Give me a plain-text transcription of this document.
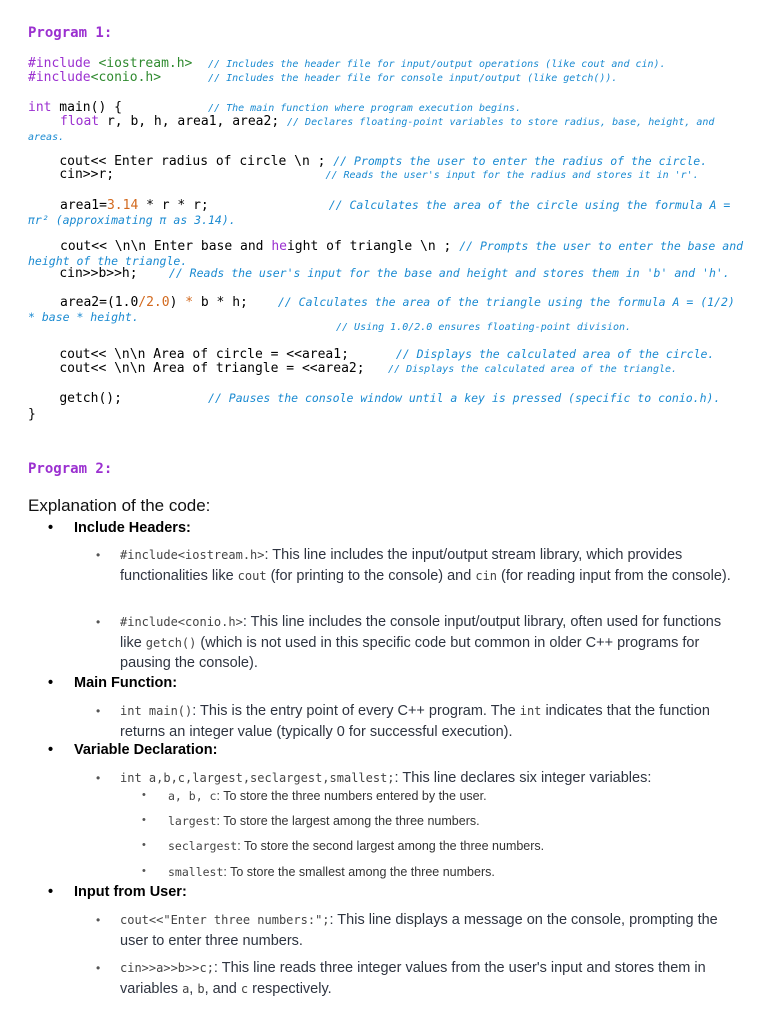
Program 1:
#include <iostream.h> // Includes the header file for input/output operations (like cout and cin).
#include<conio.h>	// Includes the header file for console input/output (like getch()).
int main() {	// The main function where program execution begins.
float r, b, h, area1, area2; // Declares floating-point variables to store radius, base, height, and areas.
cout<< Enter radius of circle \n ; // Prompts the user to enter the radius of the circle.
cin>>r;	// Reads the user's input for the radius and stores it in 'r'.
area1=3.14 * r * r;	// Calculates the area of the circle using the formula A = πr² (approximating π as 3.14).
cout<< \n\n Enter base and height of triangle \n ; // Prompts the user to enter the base and height of the triangle.
cin>>b>>h;	// Reads the user's input for the base and height and stores them in 'b' and 'h'.
area2=(1.0/2.0) * b * h;	// Calculates the area of the triangle using the formula A = (1/2) * base * height.
// Using 1.0/2.0 ensures floating-point division.
cout<< \n\n Area of circle = <<area1;	// Displays the calculated area of the circle.
cout<< \n\n Area of triangle = <<area2; // Displays the calculated area of the triangle.
getch();	// Pauses the console window until a key is pressed (specific to conio.h).
}
Program 2:
Explanation of the code:
• Include Headers:
• #include<iostream.h>: This line includes the input/output stream library, which provides functionalities like cout (for printing to the console) and cin (for reading input from the console).
• #include<conio.h>: This line includes the console input/output library, often used for functions like getch() (which is not used in this specific code but common in older C++ programs for pausing the console).
• Main Function:
• int main(): This is the entry point of every C++ program. The int indicates that the function returns an integer value (typically 0 for successful execution).
• Variable Declaration:
• int a,b,c,largest,seclargest,smallest;: This line declares six integer variables:
• a, b, c: To store the three numbers entered by the user.
• largest: To store the largest among the three numbers.
• seclargest: To store the second largest among the three numbers.
• smallest: To store the smallest among the three numbers.
• Input from User:
• cout<<"Enter three numbers:";: This line displays a message on the console, prompting the user to enter three numbers.
• cin>>a>>b>>c;: This line reads three integer values from the user's input and stores them in variables a, b, and c respectively.
